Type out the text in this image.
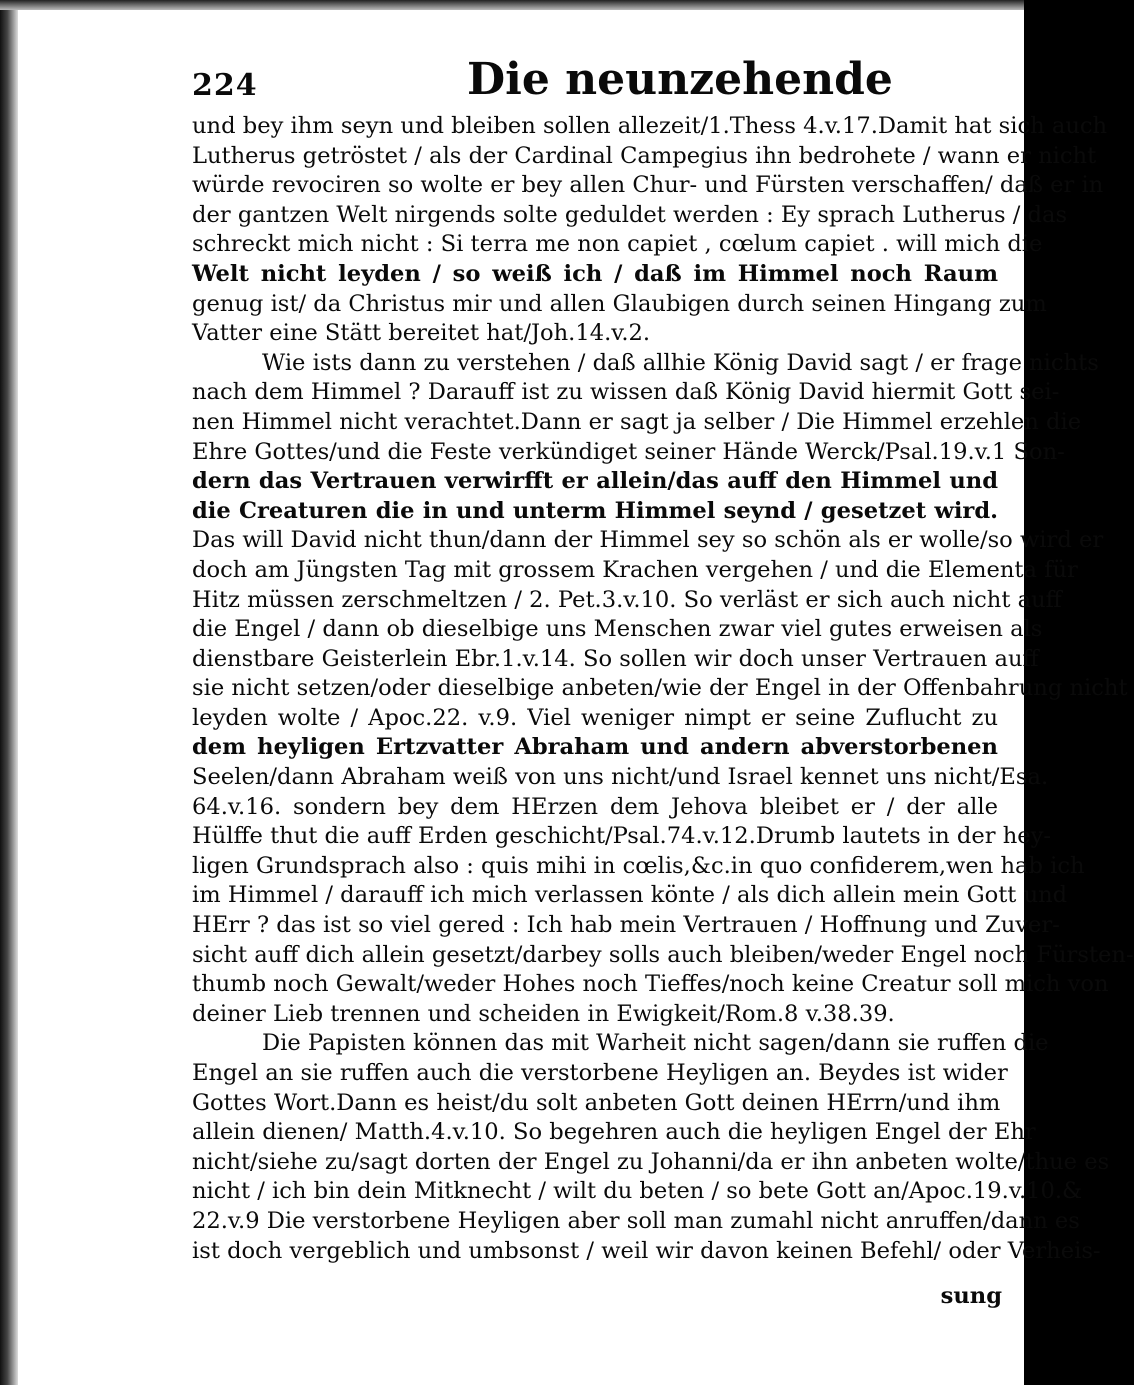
224	Die neunzehende
und bey ihm seyn und bleiben sollen allezeit/1.Thess 4.v.17.Damit hat sich auch
Lutherus getröstet / als der Cardinal Campegius ihn bedrohete / wann er nicht
würde revociren so wolte er bey allen Chur- und Fürsten verschaffen/ daß er in
der gantzen Welt nirgends solte geduldet werden : Ey sprach Lutherus / das
schreckt mich nicht : Si terra me non capiet , cœlum capiet . will mich die
Welt nicht leyden / so weiß ich / daß im Himmel noch Raum
genug ist/ da Christus mir und allen Glaubigen durch seinen Hingang zum
Vatter eine Stätt bereitet hat/Joh.14.v.2.
Wie ists dann zu verstehen / daß allhie König David sagt / er frage nichts
nach dem Himmel ? Darauff ist zu wissen daß König David hiermit Gott sei-
nen Himmel nicht verachtet.Dann er sagt ja selber / Die Himmel erzehlen die
Ehre Gottes/und die Feste verkündiget seiner Hände Werck/Psal.19.v.1 Son-
dern das Vertrauen verwirfft er allein/das auff den Himmel und
die Creaturen die in und unterm Himmel seynd / gesetzet wird.
Das will David nicht thun/dann der Himmel sey so schön als er wolle/so wird er
doch am Jüngsten Tag mit grossem Krachen vergehen / und die Elementa für
Hitz müssen zerschmeltzen / 2. Pet.3.v.10. So verläst er sich auch nicht auff
die Engel / dann ob dieselbige uns Menschen zwar viel gutes erweisen als
dienstbare Geisterlein Ebr.1.v.14. So sollen wir doch unser Vertrauen auff
sie nicht setzen/oder dieselbige anbeten/wie der Engel in der Offenbahrung nicht
leyden wolte / Apoc.22. v.9. Viel weniger nimpt er seine Zuflucht zu
dem heyligen Ertzvatter Abraham und andern abverstorbenen
Seelen/dann Abraham weiß von uns nicht/und Israel kennet uns nicht/Esa.
64.v.16. sondern bey dem HErzen dem Jehova bleibet er / der alle
Hülffe thut die auff Erden geschicht/Psal.74.v.12.Drumb lautets in der hey-
ligen Grundsprach also : quis mihi in cœlis,&c.in quo confiderem,wen hab ich
im Himmel / darauff ich mich verlassen könte / als dich allein mein Gott und
HErr ? das ist so viel gered : Ich hab mein Vertrauen / Hoffnung und Zuver-
sicht auff dich allein gesetzt/darbey solls auch bleiben/weder Engel noch Fürsten-
thumb noch Gewalt/weder Hohes noch Tieffes/noch keine Creatur soll mich von
deiner Lieb trennen und scheiden in Ewigkeit/Rom.8 v.38.39.
Die Papisten können das mit Warheit nicht sagen/dann sie ruffen die
Engel an sie ruffen auch die verstorbene Heyligen an. Beydes ist wider
Gottes Wort.Dann es heist/du solt anbeten Gott deinen HErrn/und ihm
allein dienen/ Matth.4.v.10. So begehren auch die heyligen Engel der Ehr
nicht/siehe zu/sagt dorten der Engel zu Johanni/da er ihn anbeten wolte/thue es
nicht / ich bin dein Mitknecht / wilt du beten / so bete Gott an/Apoc.19.v.10.&
22.v.9 Die verstorbene Heyligen aber soll man zumahl nicht anruffen/dann es
ist doch vergeblich und umbsonst / weil wir davon keinen Befehl/ oder Verheis-
sung
